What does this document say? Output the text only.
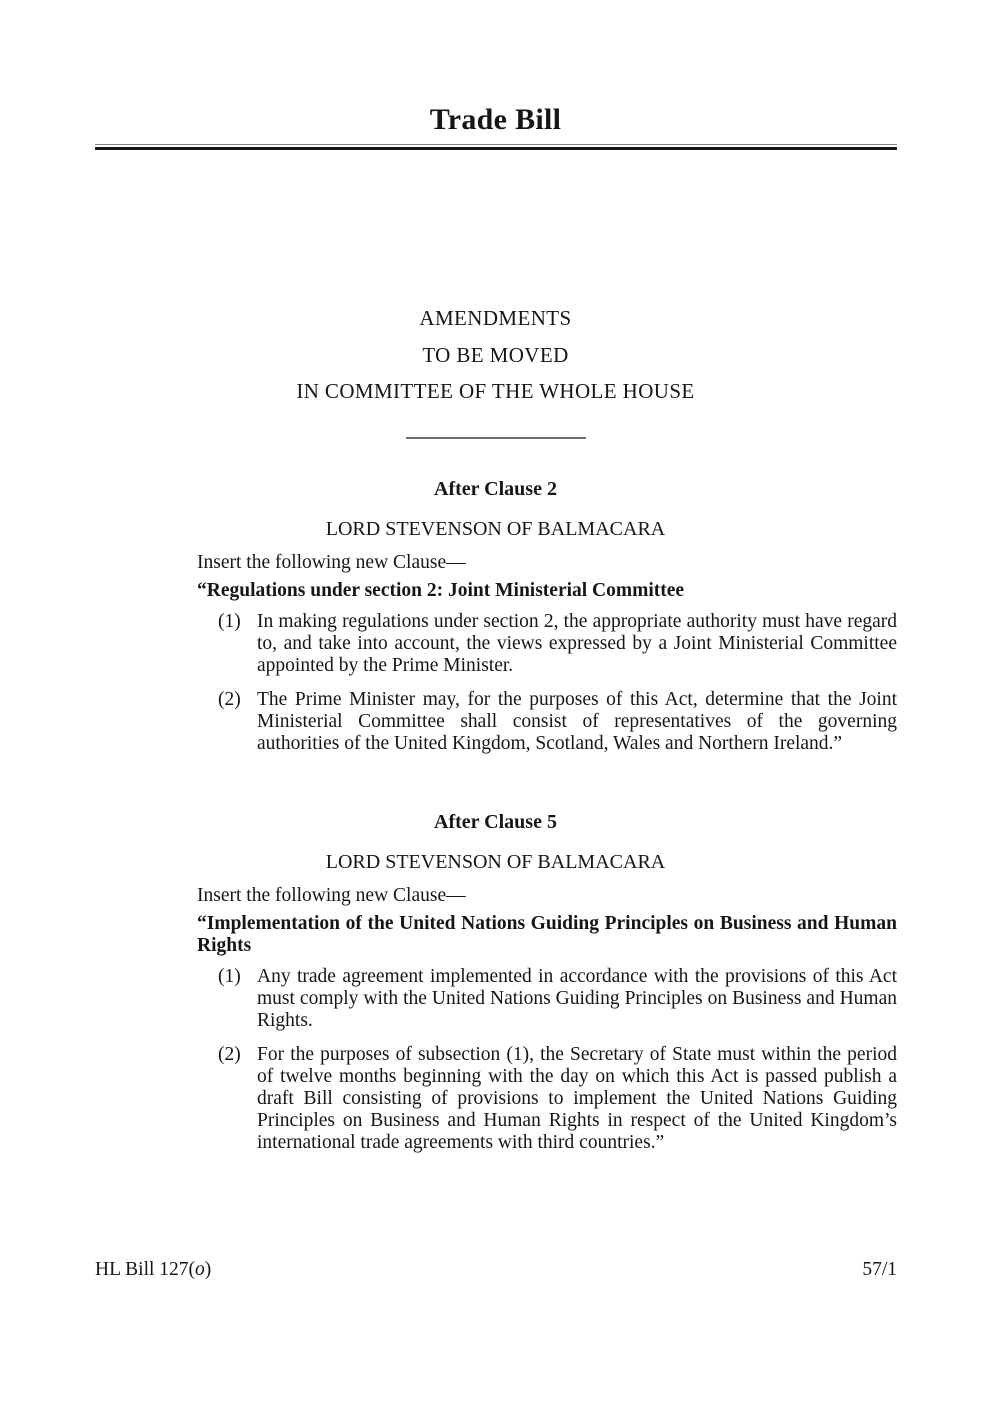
Trade Bill
AMENDMENTS
TO BE MOVED
IN COMMITTEE OF THE WHOLE HOUSE
After Clause 2
LORD STEVENSON OF BALMACARA

Insert the following new Clause—

“Regulations under section 2: Joint Ministerial Committee

(1) In making regulations under section 2, the appropriate authority must have regard to, and take into account, the views expressed by a Joint Ministerial Committee appointed by the Prime Minister.
(2) The Prime Minister may, for the purposes of this Act, determine that the Joint Ministerial Committee shall consist of representatives of the governing authorities of the United Kingdom, Scotland, Wales and Northern Ireland.”
After Clause 5
LORD STEVENSON OF BALMACARA

Insert the following new Clause—

“Implementation of the United Nations Guiding Principles on Business and Human Rights

(1) Any trade agreement implemented in accordance with the provisions of this Act must comply with the United Nations Guiding Principles on Business and Human Rights.
(2) For the purposes of subsection (1), the Secretary of State must within the period of twelve months beginning with the day on which this Act is passed publish a draft Bill consisting of provisions to implement the United Nations Guiding Principles on Business and Human Rights in respect of the United Kingdom’s international trade agreements with third countries.”
HL Bill 127(o)	57/1
